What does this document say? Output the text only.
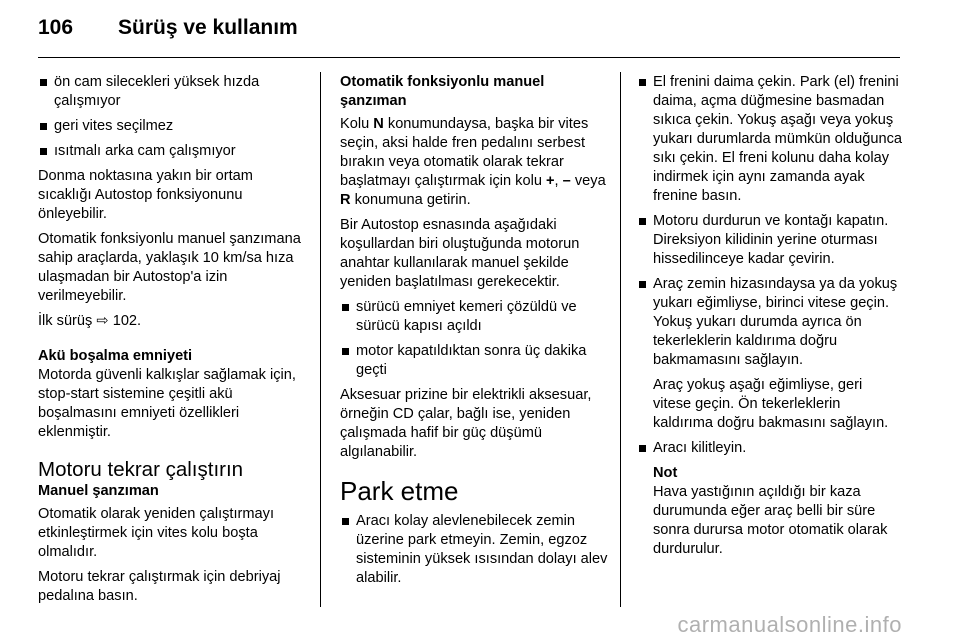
106	Sürüş ve kullanım
ön cam silecekleri yüksek hızda çalışmıyor
geri vites seçilmez
ısıtmalı arka cam çalışmıyor

Donma noktasına yakın bir ortam sıcaklığı Autostop fonksiyonunu önleyebilir.

Otomatik fonksiyonlu manuel şanzımana sahip araçlarda, yaklaşık 10 km/sa hıza ulaşmadan bir Autostop'a izin verilmeyebilir.

İlk sürüş ⇨ 102.

Akü boşalma emniyeti

Motorda güvenli kalkışlar sağlamak için, stop-start sistemine çeşitli akü boşalmasını emniyeti özellikleri eklenmiştir.

Motoru tekrar çalıştırın

Manuel şanzıman

Otomatik olarak yeniden çalıştırmayı etkinleştirmek için vites kolu boşta olmalıdır.

Motoru tekrar çalıştırmak için debriyaj pedalına basın.

Otomatik fonksiyonlu manuel şanzıman

Kolu N konumundaysa, başka bir vites seçin, aksi halde fren pedalını serbest bırakın veya otomatik olarak tekrar başlatmayı çalıştırmak için kolu +, – veya R konumuna getirin.

Bir Autostop esnasında aşağıdaki koşullardan biri oluştuğunda motorun anahtar kullanılarak manuel şekilde yeniden başlatılması gerekecektir.

sürücü emniyet kemeri çözüldü ve sürücü kapısı açıldı
motor kapatıldıktan sonra üç dakika geçti

Aksesuar prizine bir elektrikli aksesuar, örneğin CD çalar, bağlı ise, yeniden çalışmada hafif bir güç düşümü algılanabilir.

Park etme
Aracı kolay alevlenebilecek zemin üzerine park etmeyin. Zemin, egzoz sisteminin yüksek ısısından dolayı alev alabilir.
El frenini daima çekin. Park (el) frenini daima, açma düğmesine basmadan sıkıca çekin. Yokuş aşağı veya yokuş yukarı durumlarda mümkün olduğunca sıkı çekin. El freni kolunu daha kolay indirmek için aynı zamanda ayak frenine basın.
Motoru durdurun ve kontağı kapatın. Direksiyon kilidinin yerine oturması hissedilinceye kadar çevirin.
Araç zemin hizasındaysa ya da yokuş yukarı eğimliyse, birinci vitese geçin. Yokuş yukarı durumda ayrıca ön tekerleklerin kaldırıma doğru bakmamasını sağlayın.

Araç yokuş aşağı eğimliyse, geri vitese geçin. Ön tekerleklerin kaldırıma doğru bakmasını sağlayın.

Aracı kilitleyin.

Not

Hava yastığının açıldığı bir kaza durumunda eğer araç belli bir süre sonra durursa motor otomatik olarak durdurulur.

carmanualsonline.info
